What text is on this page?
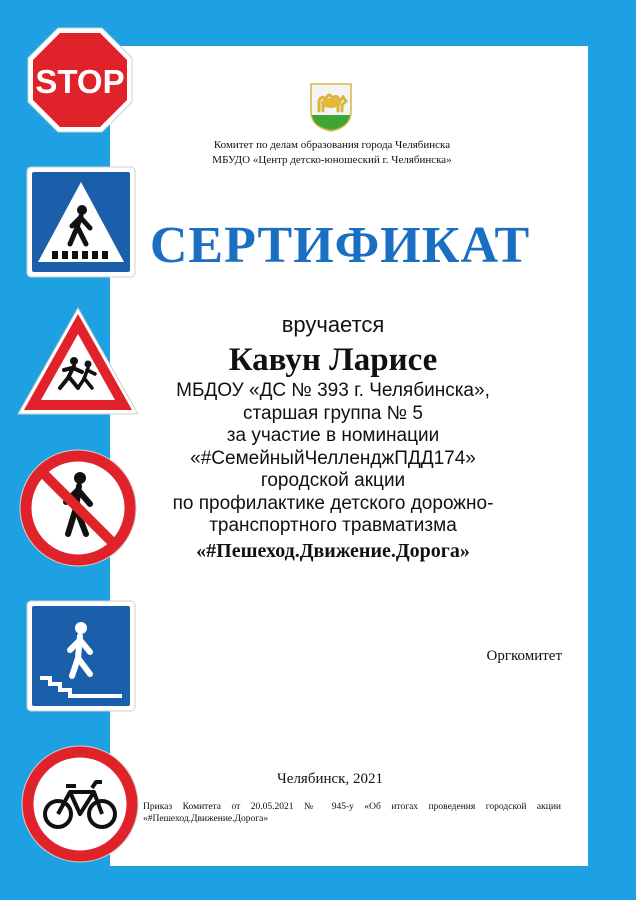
STOP
Комитет по делам образования города Челябинска
МБУДО «Центр детско-юношеский г. Челябинска»
СЕРТИФИКАТ
вручается
Кавун Ларисе
МБДОУ «ДС № 393 г. Челябинска»,
старшая группа № 5
за участие в номинации
«#СемейныйЧелленджПДД174»
городской акции
по профилактике детского дорожно-
транспортного травматизма
«#Пешеход.Движение.Дорога»
Оргкомитет
Челябинск, 2021
Приказ Комитета от 20.05.2021 № 945-у «Об итогах проведения городской акции «#Пешеход.Движение.Дорога»
